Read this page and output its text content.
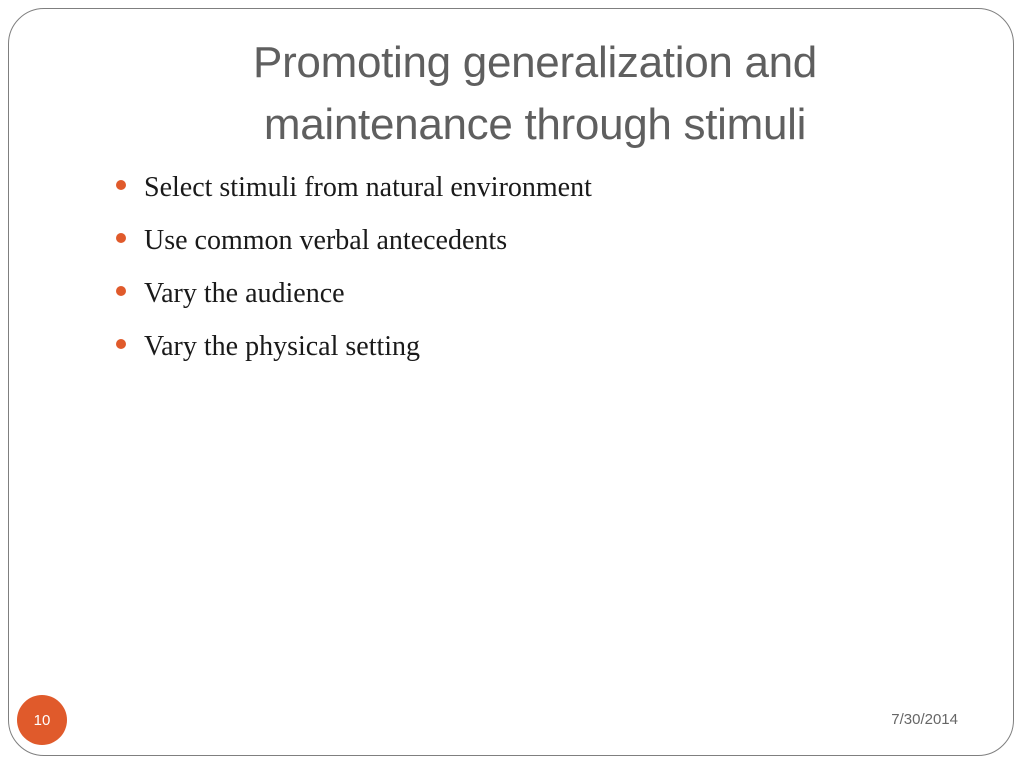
Promoting generalization and maintenance through stimuli
Select stimuli from natural environment
Use common verbal antecedents
Vary the audience
Vary the physical setting
10	7/30/2014
